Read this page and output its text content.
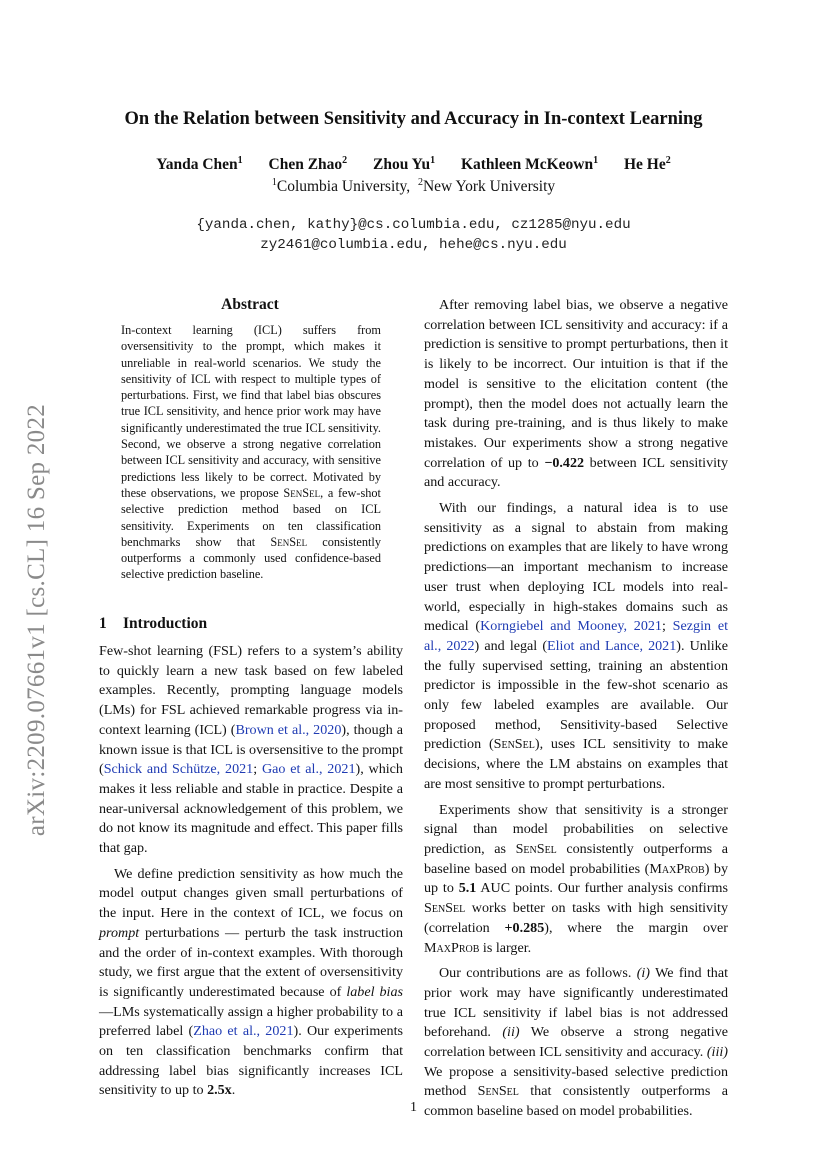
On the Relation between Sensitivity and Accuracy in In-context Learning
Yanda Chen$^1$ Chen Zhao$^2$ Zhou Yu$^1$ Kathleen McKeown$^1$ He He$^2$
$^1$Columbia University, $^2$New York University
{yanda.chen, kathy}@cs.columbia.edu, cz1285@nyu.edu
zy2461@columbia.edu, hehe@cs.nyu.edu
arXiv:2209.07661v1 [cs.CL] 16 Sep 2022
Abstract
In-context learning (ICL) suffers from oversensitivity to the prompt, which makes it unreliable in real-world scenarios. We study the sensitivity of ICL with respect to multiple types of perturbations. First, we find that label bias obscures true ICL sensitivity, and hence prior work may have significantly underestimated the true ICL sensitivity. Second, we observe a strong negative correlation between ICL sensitivity and accuracy, with sensitive predictions less likely to be correct. Motivated by these observations, we propose SenSel, a few-shot selective prediction method based on ICL sensitivity. Experiments on ten classification benchmarks show that SenSel consistently outperforms a commonly used confidence-based selective prediction baseline.
1 Introduction

Few-shot learning (FSL) refers to a system’s ability to quickly learn a new task based on few labeled examples. Recently, prompting language models (LMs) for FSL achieved remarkable progress via in-context learning (ICL) (Brown et al., 2020), though a known issue is that ICL is oversensitive to the prompt (Schick and Schütze, 2021; Gao et al., 2021), which makes it less reliable and stable in practice. Despite a near-universal acknowledgement of this problem, we do not know its magnitude and effect. This paper fills that gap.

We define prediction sensitivity as how much the model output changes given small perturbations of the input. Here in the context of ICL, we focus on prompt perturbations — perturb the task instruction and the order of in-context examples. With thorough study, we first argue that the extent of oversensitivity is significantly underestimated because of label bias—LMs systematically assign a higher probability to a preferred label (Zhao et al., 2021). Our experiments on ten classification benchmarks confirm that addressing label bias significantly increases ICL sensitivity to up to 2.5x.

After removing label bias, we observe a negative correlation between ICL sensitivity and accuracy: if a prediction is sensitive to prompt perturbations, then it is likely to be incorrect. Our intuition is that if the model is sensitive to the elicitation content (the prompt), then the model does not actually learn the task during pre-training, and is thus likely to make mistakes. Our experiments show a strong negative correlation of up to −0.422 between ICL sensitivity and accuracy.

With our findings, a natural idea is to use sensitivity as a signal to abstain from making predictions on examples that are likely to have wrong predictions—an important mechanism to increase user trust when deploying ICL models into real-world, especially in high-stakes domains such as medical (Korngiebel and Mooney, 2021; Sezgin et al., 2022) and legal (Eliot and Lance, 2021). Unlike the fully supervised setting, training an abstention predictor is impossible in the few-shot scenario as only few labeled examples are available. Our proposed method, Sensitivity-based Selective prediction (SenSel), uses ICL sensitivity to make decisions, where the LM abstains on examples that are most sensitive to prompt perturbations.

Experiments show that sensitivity is a stronger signal than model probabilities on selective prediction, as SenSel consistently outperforms a baseline based on model probabilities (MaxProb) by up to 5.1 AUC points. Our further analysis confirms SenSel works better on tasks with high sensitivity (correlation +0.285), where the margin over MaxProb is larger.

Our contributions are as follows. (i) We find that prior work may have significantly underestimated true ICL sensitivity if label bias is not addressed beforehand. (ii) We observe a strong negative correlation between ICL sensitivity and accuracy. (iii) We propose a sensitivity-based selective prediction method SenSel that consistently outperforms a common baseline based on model probabilities.

1
